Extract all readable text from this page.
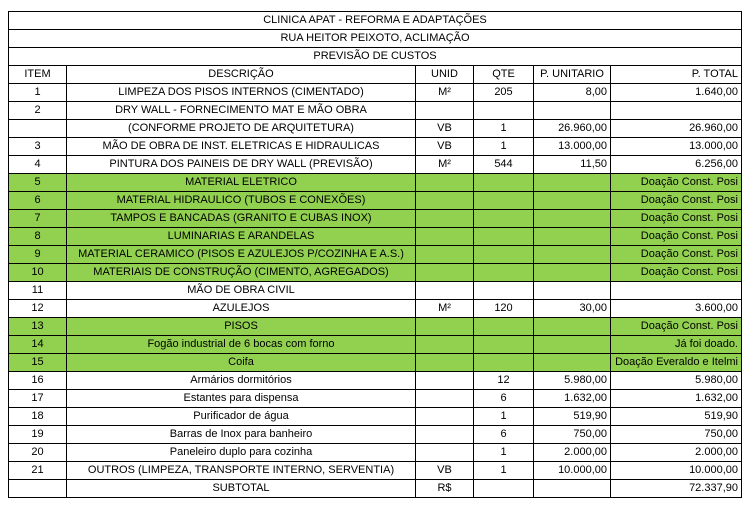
CLINICA APAT - REFORMA E ADAPTAÇÕES					
RUA HEITOR PEIXOTO, ACLIMAÇÃO					
PREVISÃO DE CUSTOS					
ITEM	DESCRIÇÃO	UNID	QTE	P. UNITARIO	P. TOTAL
1	LIMPEZA DOS PISOS INTERNOS (CIMENTADO)	M²	205	8,00	1.640,00
2	DRY WALL - FORNECIMENTO MAT E MÃO OBRA				
	(CONFORME PROJETO DE ARQUITETURA)	VB	1	26.960,00	26.960,00
3	MÃO DE OBRA DE INST. ELETRICAS E HIDRAULICAS	VB	1	13.000,00	13.000,00
4	PINTURA DOS PAINEIS DE DRY WALL (PREVISÃO)	M²	544	11,50	6.256,00
5	MATERIAL ELETRICO				Doação Const. Posi
6	MATERIAL HIDRAULICO (TUBOS E CONEXÕES)				Doação Const. Posi
7	TAMPOS E BANCADAS (GRANITO E CUBAS INOX)				Doação Const. Posi
8	LUMINARIAS E ARANDELAS				Doação Const. Posi
9	MATERIAL CERAMICO (PISOS E AZULEJOS P/COZINHA E A.S.)				Doação Const. Posi
10	MATERIAIS DE CONSTRUÇÃO (CIMENTO, AGREGADOS)				Doação Const. Posi
11	MÃO DE OBRA CIVIL				
12	AZULEJOS	M²	120	30,00	3.600,00
13	PISOS				Doação Const. Posi
14	Fogão industrial de 6 bocas com forno				Já foi doado.
15	Coifa				Doação Everaldo e Itelmi
16	Armários dormitórios		12	5.980,00	5.980,00
17	Estantes para dispensa		6	1.632,00	1.632,00
18	Purificador de água		1	519,90	519,90
19	Barras de Inox para banheiro		6	750,00	750,00
20	Paneleiro duplo para cozinha		1	2.000,00	2.000,00
21	OUTROS (LIMPEZA, TRANSPORTE INTERNO, SERVENTIA)	VB	1	10.000,00	10.000,00
	SUBTOTAL	R$			72.337,90
